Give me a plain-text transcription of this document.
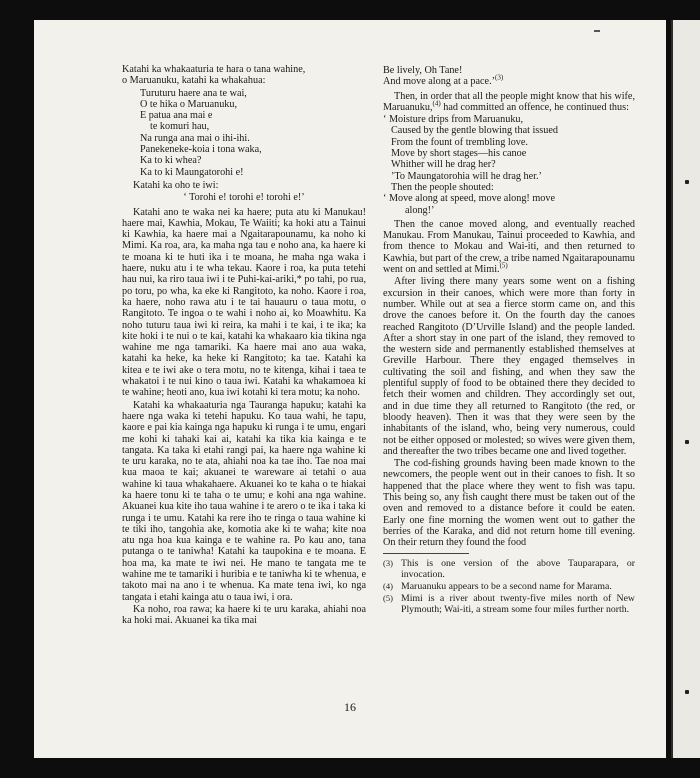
Katahi ka whakaaturia te hara o tana wahine,
o Maruanuku, katahi ka whakahua:

Turuturu haere ana te wai,
O te hika o Maruanuku,
E patua ana mai e
te komuri hau,
Na runga ana mai o ihi-ihi.
Panekeneke-koia i tona waka,
Ka to ki whea?
Ka to ki Maungatorohi e!

Katahi ka oho te iwi:

‘ Torohi e! torohi e! torohi e!’

Katahi ano te waka nei ka haere; puta atu ki Manukau! haere mai, Kawhia, Mokau, Te Waiiti; ka hoki atu a Tainui ki Kawhia, ka haere mai a Ngaitarapounamu, ka noho ki Mimi. Ka roa, ara, ka maha nga tau e noho ana, ka haere ki te moana ki te huti ika i te moana, he maha nga waka i haere, nuku atu i te wha tekau. Kaore i roa, ka puta tetehi hau nui, ka riro taua iwi i te Puhi-kai-ariki,* po tahi, po rua, po toru, po wha, ka eke ki Rangitoto, ka noho. Kaore i roa, ka haere, noho rawa atu i te tai hauauru o taua motu, o Rangitoto. Te ingoa o te wahi i noho ai, ko Moawhitu. Ka noho tuturu taua iwi ki reira, ka mahi i te kai, i te ika; ka kite hoki i te nui o te kai, katahi ka whakaaro kia tikina nga wahine me nga tamariki. Ka haere mai ano aua waka, katahi ka heke, ka heke ki Rangitoto; ka tae. Katahi ka kitea e te iwi ake o tera motu, no te kitenga, kihai i taea te whakatoi i te nui kino o taua iwi. Katahi ka whakamoea ki te wahine; heoti ano, kua iwi kotahi ki tera motu; ka noho.

Katahi ka whakaaturia nga Tauranga hapuku; katahi ka haere nga waka ki tetehi hapuku. Ko taua wahi, he tapu, kaore e pai kia kainga nga hapuku ki runga i te umu, engari me kohi ki tahaki kai ai, katahi ka tika kia kainga e te tangata. Ka taka ki etahi rangi pai, ka haere nga wahine ki te uru karaka, no te ata, ahiahi noa ka tae iho. Tae noa mai kua maoa te kai; akuanei te wareware ai tetahi o aua wahine ki taua whakahaere. Akuanei ko te kaha o te hiakai ka haere tonu ki te taha o te umu; e kohi ana nga wahine. Akuanei kua kite iho taua wahine i te arero o te ika i taka ki runga i te umu. Katahi ka rere iho te ringa o taua wahine ki te tiki iho, tangohia ake, komotia ake ki te waha; kite noa atu nga hoa kua kainga e te wahine ra. Po kau ano, tana putanga o te taniwha! Katahi ka taupokina e te moana. E hoa ma, ka mate te iwi nei. He mano te tangata me te wahine me te tamariki i huribia e te taniwha ki te whenua, e takoto mai na ano i te whenua. Ka mate tena iwi, ko nga tangata i etahi kainga atu o taua iwi, i ora.

Ka noho, roa rawa; ka haere ki te uru karaka, ahiahi noa ka hoki mai. Akuanei ka tika mai

Be lively, Oh Tane!
And move along at a pace.’$^{(3)}$

Then, in order that all the people might know that his wife, Maruanuku,$^{(4)}$ had committed an offence, he continued thus:

‘ Moisture drips from Maruanuku,
Caused by the gentle blowing that issued
From the fount of trembling love.
Move by short stages—his canoe
Whither will he drag her?
’To Maungatorohia will he drag her.’
Then the people shouted:
‘ Move along at speed, move along! move
along!’

Then the canoe moved along, and eventually reached Manukau. From Manukau, Tainui proceeded to Kawhia, and from thence to Mokau and Wai-iti, and then returned to Kawhia, but part of the crew, a tribe named Ngaitarapounamu went on and settled at Mimi.$^{(5)}$

After living there many years some went on a fishing excursion in their canoes, which were more than forty in number. While out at sea a fierce storm came on, and this drove the canoes before it. On the fourth day the canoes reached Rangitoto (D’Urville Island) and the people landed. After a short stay in one part of the island, they removed to the western side and permanently established themselves at Greville Harbour. There they engaged themselves in cultivating the soil and fishing, and when they saw the plentiful supply of food to be obtained there they decided to fetch their women and children. They accordingly set out, and in due time they all returned to Rangitoto (the red, or bloody heaven). Then it was that they were seen by the inhabitants of the island, who, being very numerous, could not be either opposed or molested; so wives were given them, and thereafter the two tribes became one and lived together.

The cod-fishing grounds having been made known to the newcomers, the people went out in their canoes to fish. It so happened that the place where they went to fish was tapu. This being so, any fish caught there must be taken out of the oven and removed to a distance before it could be eaten. Early one fine morning the women went out to gather the berries of the Karaka, and did not return home till evening. On their return they found the food

(3) This is one version of the above Tauparapara, or invocation.
(4) Maruanuku appears to be a second name for Marama.
(5) Mimi is a river about twenty-five miles north of New Plymouth; Wai-iti, a stream some four miles further north.
16
